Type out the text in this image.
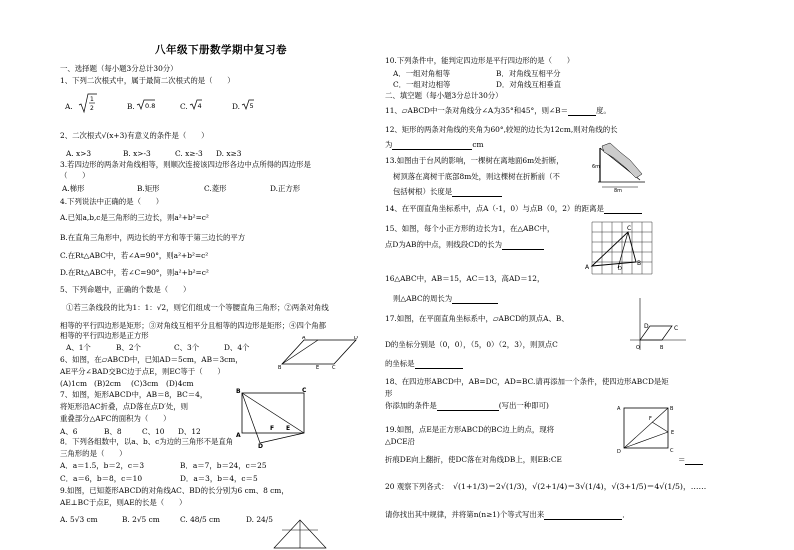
八年级下册数学期中复习卷
一、选择题（每小题3分总计30分）
1、下列二次根式中，属于最简二次根式的是（　　）
A.
1
2	B. 0.8	C. 4	D. 5
2、二次根式√(x+3)有意义的条件是（　　）
A. x>3	B. x>-3	C. x≥-3 D. x≥3
3.若四边形的两条对角线相等，则顺次连接该四边形各边中点所得的四边形是
（　　）
A.梯形	B.矩形	C.菱形	D.正方形
4.下列说法中正确的是（　　）
A.已知a,b,c是三角形的三边长，则a²+b²=c²
B.在直角三角形中，两边长的平方和等于第三边长的平方
C.在Rt△ABC中，若∠A=90°，则a²+b²=c²
D.在Rt△ABC中，若∠C=90°，则a²+b²=c²
5、下列命题中，正确的个数是（　　）
①若三条线段的比为1：1：√2，则它们组成一个等腰直角三角形；②两条对角线
相等的平行四边形是矩形；③对角线互相平分且相等的四边形是矩形；④四个角都
相等的平行四边形是正方形
A、1个	B、2个	C、3个	D、4个
B	E	C
A	D
6、如图，在▱ABCD中，已知AD＝5cm，AB＝3cm，
AE平分∠BAD交BC边于点E，则EC等于（　　）
(A)1cm (B)2cm (C)3cm (D)4cm
B	C
A
F E
D
7、如图，矩形ABCD中，AB＝8，BC＝4，
将矩形沿AC折叠，点D落在点D′处，则
重叠部分△AFC的面积为（　　）
A、6	B、8	C、10 D、12
8．下列各组数中，以a、b、c为边的三角形不是直角
三角形的是（　　）
A．a＝1.5，b＝2，c＝3	B．a＝7，b＝24，c＝25
C．a＝6，b＝8，c＝10	D．a＝3，b＝4，c＝5
9.如图，已知菱形ABCD的对角线AC、BD的长分别为6 cm、8 cm，
AE⊥BC于点E，则AE的长是（　　）
A. 5√3 cm	B. 2√5 cm	C. 48/5 cm	D. 24/5
10.下列条件中，能判定四边形是平行四边形的是（　　）
A．一组对角相等	B．对角线互相平分
C．一组对边相等	D．对角线互相垂直
二、填空题（每小题3分总计30分）
11、▱ABCD中一条对角线分∠A为35°和45°，则∠B＝	度。
12、矩形的两条对角线的夹角为60°,较短的边长为12cm,则对角线的长
为	cm
13.如图由于台风的影响，一棵树在离地面6m处折断，
树顶落在离树干底部8m处，则这棵树在折断前（不
包括树根）长度是
6m
8m
14、在平面直角坐标系中，点A（-1，0）与点B（0，2）的距离是
15、如图，每个小正方形的边长为1，在△ABC中，
点D为AB的中点，则线段CD的长为
C
A
B
D
16△ABC中，AB＝15，AC＝13，高AD＝12，
则△ABC的周长为
17.如图，在平面直角坐标系中，▱ABCD的顶点A、B、
D的坐标分别是（0，0），（5，0）（2，3），则顶点C
的坐标是
D	C
O	B
18、在四边形ABCD中，AB=DC，AD=BC.请再添加一个条件，使四边形ABCD是矩
形
你添加的条件是	(写出一种即可)
19.如图，点E是正方形ABCD的BC边上的点，现将
△DCE沿
折痕DE向上翻折，使DC落在对角线DB上，则EB:CE	＝
A
D
B
C
E
F
20 观察下列各式： √(1+1/3)＝2√(1/3)，√(2+1/4)＝3√(1/4)，√(3+1/5)＝4√(1/5)，……
请你找出其中规律，并将第n(n≥1)个等式写出来	．
